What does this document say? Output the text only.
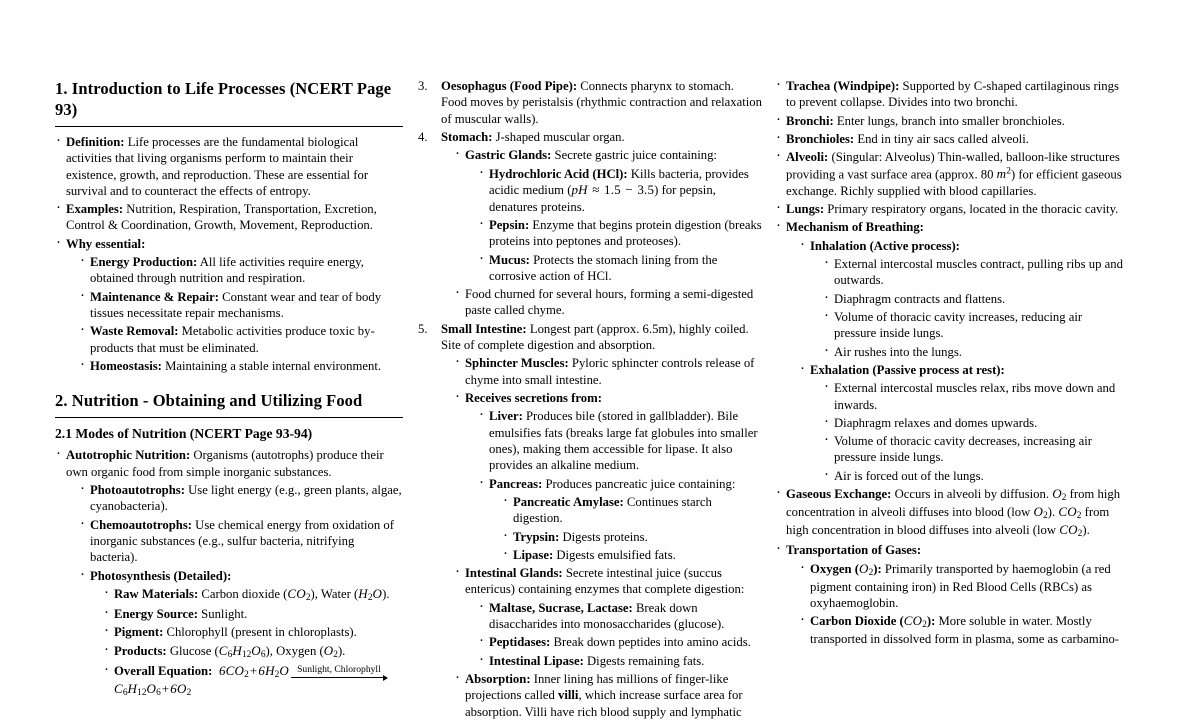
1. Introduction to Life Processes (NCERT Page 93)
· Definition: Life processes are the fundamental biological activities that living organisms perform to maintain their existence, growth, and reproduction. These are essential for survival and to counteract the effects of entropy.
· Examples: Nutrition, Respiration, Transportation, Excretion, Control & Coordination, Growth, Movement, Reproduction.
· Why essential:
· Energy Production: All life activities require energy, obtained through nutrition and respiration.
· Maintenance & Repair: Constant wear and tear of body tissues necessitate repair mechanisms.
· Waste Removal: Metabolic activities produce toxic by-products that must be eliminated.
· Homeostasis: Maintaining a stable internal environment.
2. Nutrition - Obtaining and Utilizing Food
2.1 Modes of Nutrition (NCERT Page 93-94)
· Autotrophic Nutrition: Organisms (autotrophs) produce their own organic food from simple inorganic substances.
· Photoautotrophs: Use light energy (e.g., green plants, algae, cyanobacteria).
· Chemoautotrophs: Use chemical energy from oxidation of inorganic substances (e.g., sulfur bacteria, nitrifying bacteria).
· Photosynthesis (Detailed):
· Raw Materials: Carbon dioxide $(CO_2)$, Water $(H_2O)$.
· Energy Source: Sunlight.
· Pigment: Chlorophyll (present in chloroplasts).
· Products: Glucose $(C_6H_{12}O_6)$, Oxygen $(O_2)$.
· Overall Equation:  $6CO_2+6H_2O$ Sunlight, Chlorophyll
$C_6H_{12}O_6+6O_2$
3. Oesophagus (Food Pipe): Connects pharynx to stomach. Food moves by peristalsis (rhythmic contraction and relaxation of muscular walls).
4. Stomach: J-shaped muscular organ.
· Gastric Glands: Secrete gastric juice containing:
· Hydrochloric Acid (HCl): Kills bacteria, provides acidic medium (pH ≈ 1.5 − 3.5) for pepsin, denatures proteins.
· Pepsin: Enzyme that begins protein digestion (breaks proteins into peptones and proteoses).
· Mucus: Protects the stomach lining from the corrosive action of HCl.
· Food churned for several hours, forming a semi-digested paste called chyme.
5. Small Intestine: Longest part (approx. 6.5m), highly coiled. Site of complete digestion and absorption.
· Sphincter Muscles: Pyloric sphincter controls release of chyme into small intestine.
· Receives secretions from:
· Liver: Produces bile (stored in gallbladder). Bile emulsifies fats (breaks large fat globules into smaller ones), making them accessible for lipase. It also provides an alkaline medium.
· Pancreas: Produces pancreatic juice containing:
· Pancreatic Amylase: Continues starch digestion.
· Trypsin: Digests proteins.
· Lipase: Digests emulsified fats.
· Intestinal Glands: Secrete intestinal juice (succus entericus) containing enzymes that complete digestion:
· Maltase, Sucrase, Lactase: Break down disaccharides into monosaccharides (glucose).
· Peptidases: Break down peptides into amino acids.
· Intestinal Lipase: Digests remaining fats.
· Absorption: Inner lining has millions of finger-like projections called villi, which increase surface area for absorption. Villi have rich blood supply and lymphatic
· Trachea (Windpipe): Supported by C-shaped cartilaginous rings to prevent collapse. Divides into two bronchi.
· Bronchi: Enter lungs, branch into smaller bronchioles.
· Bronchioles: End in tiny air sacs called alveoli.
· Alveoli: (Singular: Alveolus) Thin-walled, balloon-like structures providing a vast surface area (approx. 80 $m^2$) for efficient gaseous exchange. Richly supplied with blood capillaries.
· Lungs: Primary respiratory organs, located in the thoracic cavity.
· Mechanism of Breathing:
· Inhalation (Active process):
· External intercostal muscles contract, pulling ribs up and outwards.
· Diaphragm contracts and flattens.
· Volume of thoracic cavity increases, reducing air pressure inside lungs.
· Air rushes into the lungs.
· Exhalation (Passive process at rest):
· External intercostal muscles relax, ribs move down and inwards.
· Diaphragm relaxes and domes upwards.
· Volume of thoracic cavity decreases, increasing air pressure inside lungs.
· Air is forced out of the lungs.
· Gaseous Exchange: Occurs in alveoli by diffusion. $O_2$ from high concentration in alveoli diffuses into blood (low $O_2$). $CO_2$ from high concentration in blood diffuses into alveoli (low $CO_2$).
· Transportation of Gases:
· Oxygen $(O_2)$: Primarily transported by haemoglobin (a red pigment containing iron) in Red Blood Cells (RBCs) as oxyhaemoglobin.
· Carbon Dioxide $(CO_2)$: More soluble in water. Mostly transported in dissolved form in plasma, some as carbamino-
